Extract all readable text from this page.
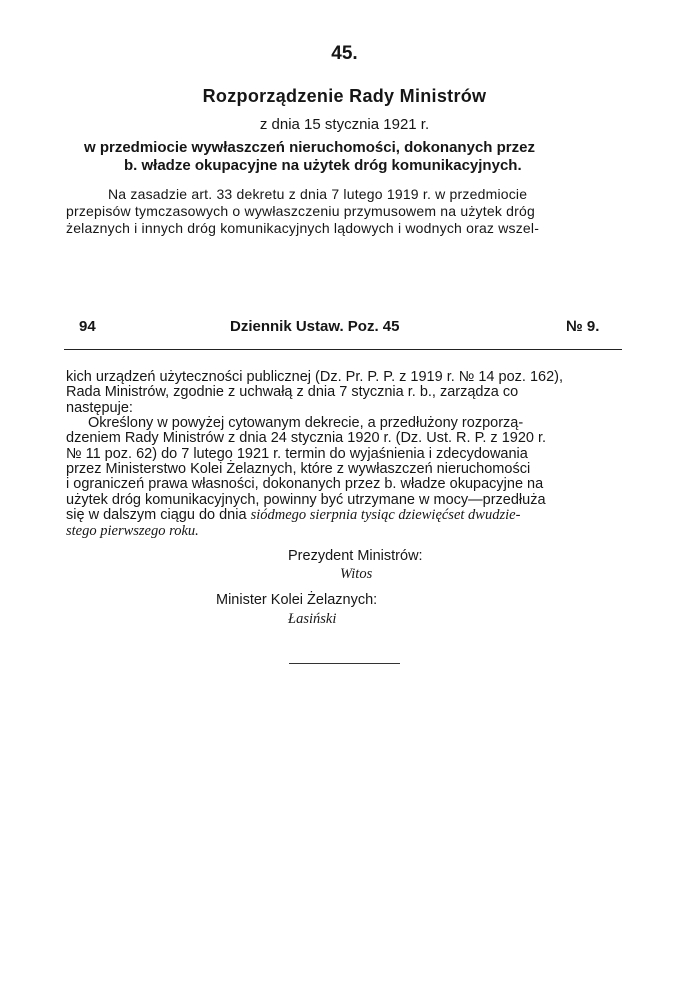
45.
Rozporządzenie Rady Ministrów
z dnia 15 stycznia 1921 r.
w przedmiocie wywłaszczeń nieruchomości, dokonanych przez
b. władze okupacyjne na użytek dróg komunikacyjnych.
Na zasadzie art. 33 dekretu z dnia 7 lutego 1919 r. w przedmiocie
przepisów tymczasowych o wywłaszczeniu przymusowem na użytek dróg
żelaznych i innych dróg komunikacyjnych lądowych i wodnych oraz wszel-
94	Dziennik Ustaw. Poz. 45	№ 9.
kich urządzeń użyteczności publicznej (Dz. Pr. P. P. z 1919 r. № 14 poz. 162),
Rada Ministrów, zgodnie z uchwałą z dnia 7 stycznia r. b., zarządza co
następuje:
Określony w powyżej cytowanym dekrecie, a przedłużony rozporzą-
dzeniem Rady Ministrów z dnia 24 stycznia 1920 r. (Dz. Ust. R. P. z 1920 r.
№ 11 poz. 62) do 7 lutego 1921 r. termin do wyjaśnienia i zdecydowania
przez Ministerstwo Kolei Żelaznych, które z wywłaszczeń nieruchomości
i ograniczeń prawa własności, dokonanych przez b. władze okupacyjne na
użytek dróg komunikacyjnych, powinny być utrzymane w mocy—przedłuża
się w dalszym ciągu do dnia siódmego sierpnia tysiąc dziewięćset dwudzie-
stego pierwszego roku.
Prezydent Ministrów:
Witos
Minister Kolei Żelaznych:
Łasiński
